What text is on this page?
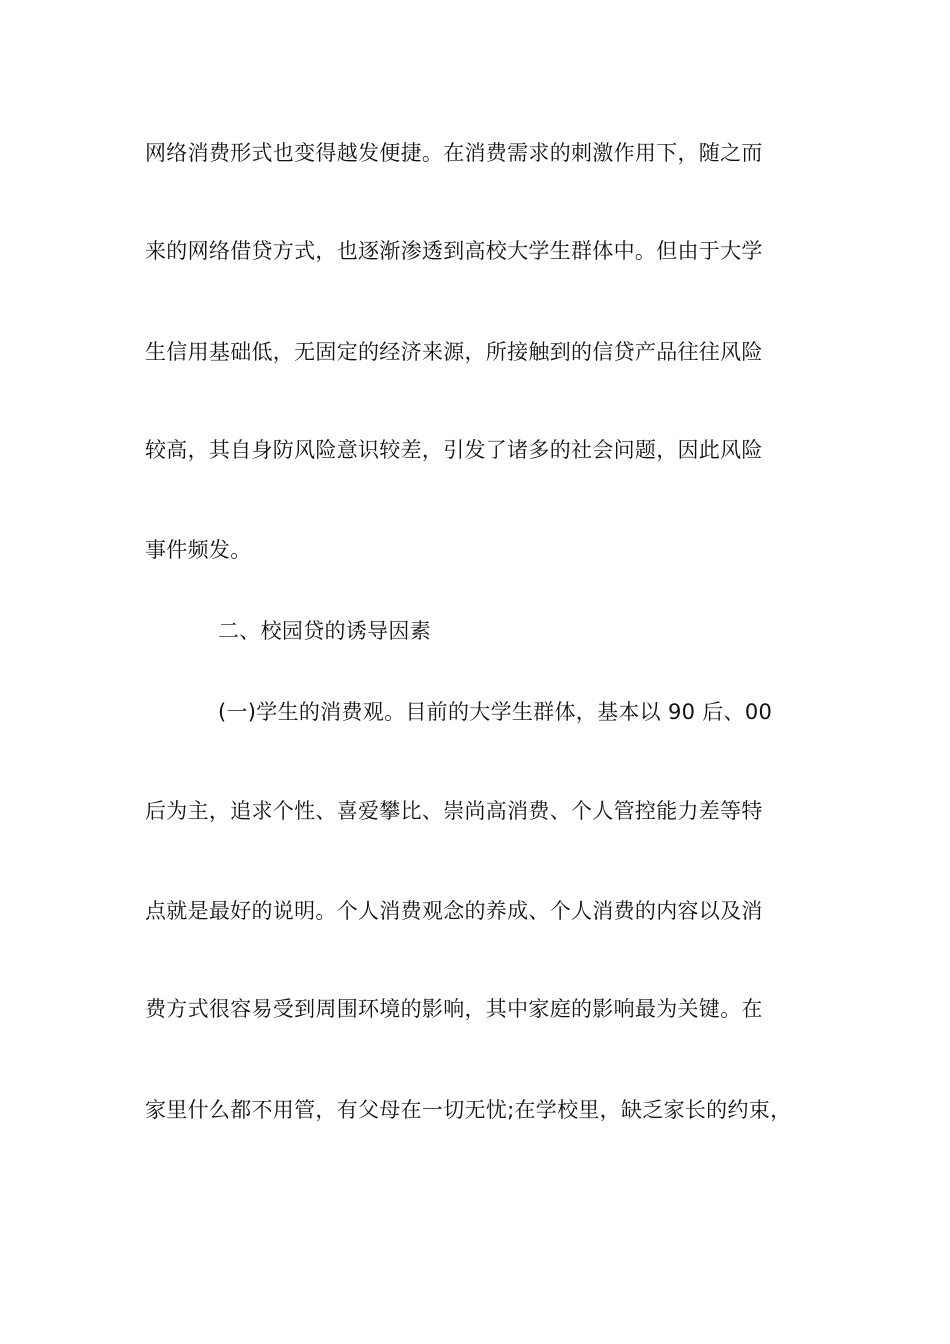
网络消费形式也变得越发便捷。在消费需求的刺激作用下，随之而
来的网络借贷方式，也逐渐渗透到高校大学生群体中。但由于大学
生信用基础低，无固定的经济来源，所接触到的信贷产品往往风险
较高，其自身防风险意识较差，引发了诸多的社会问题，因此风险
事件频发。
二、校园贷的诱导因素
(一)学生的消费观。目前的大学生群体，基本以 90 后、00
后为主，追求个性、喜爱攀比、崇尚高消费、个人管控能力差等特
点就是最好的说明。个人消费观念的养成、个人消费的内容以及消
费方式很容易受到周围环境的影响，其中家庭的影响最为关键。在
家里什么都不用管，有父母在一切无忧;在学校里，缺乏家长的约束，
